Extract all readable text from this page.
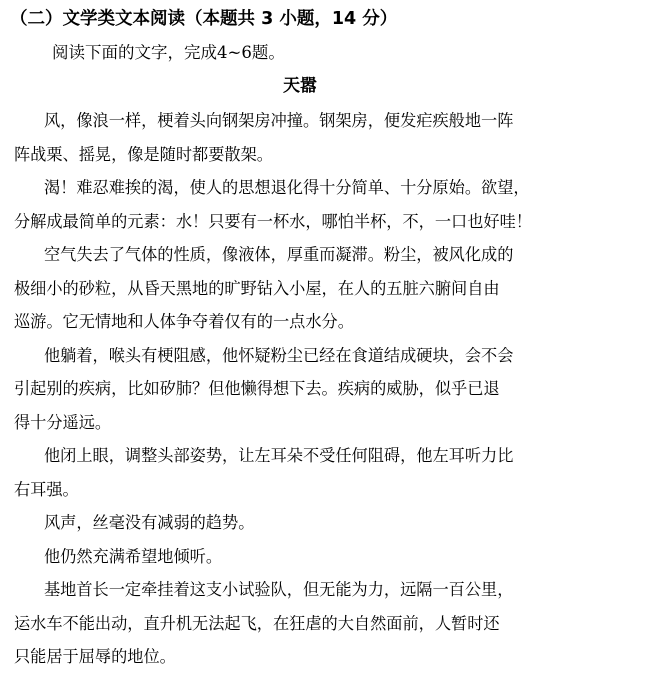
（二）文学类文本阅读（本题共 3 小题，14 分）
阅读下面的文字，完成4~6题。
天嚣
风，像浪一样，梗着头向钢架房冲撞。钢架房，便发疟疾般地一阵
阵战栗、摇晃，像是随时都要散架。
渴！难忍难挨的渴，使人的思想退化得十分简单、十分原始。欲望，
分解成最简单的元素：水！只要有一杯水，哪怕半杯，不，一口也好哇！
空气失去了气体的性质，像液体，厚重而凝滞。粉尘，被风化成的
极细小的砂粒，从昏天黑地的旷野钻入小屋，在人的五脏六腑间自由
巡游。它无情地和人体争夺着仅有的一点水分。
他躺着，喉头有梗阻感，他怀疑粉尘已经在食道结成硬块，会不会
引起别的疾病，比如矽肺？但他懒得想下去。疾病的威胁，似乎已退
得十分遥远。
他闭上眼，调整头部姿势，让左耳朵不受任何阻碍，他左耳听力比
右耳强。
风声，丝毫没有减弱的趋势。
他仍然充满希望地倾听。
基地首长一定牵挂着这支小试验队，但无能为力，远隔一百公里，
运水车不能出动，直升机无法起飞，在狂虐的大自然面前，人暂时还
只能居于屈辱的地位。
